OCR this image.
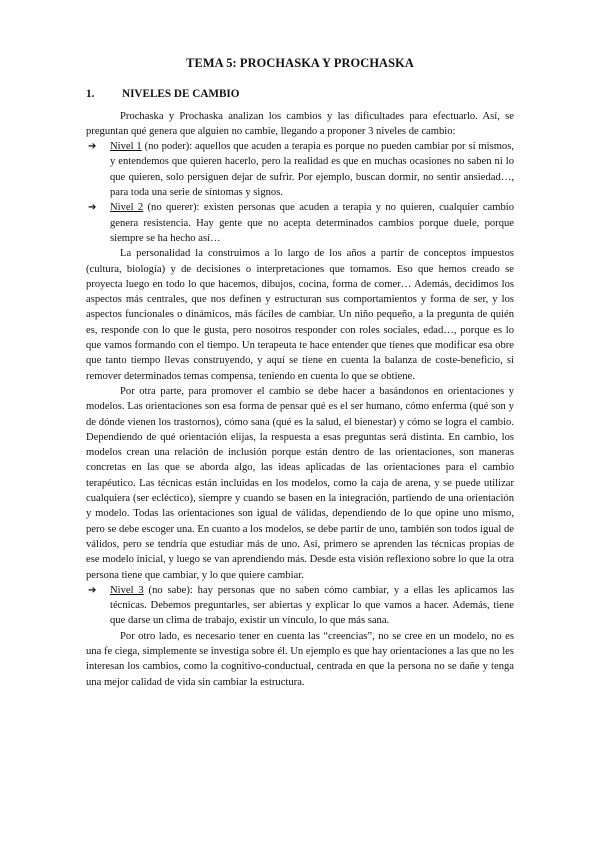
TEMA 5: PROCHASKA Y PROCHASKA
1.	NIVELES DE CAMBIO

Prochaska y Prochaska analizan los cambios y las dificultades para efectuarlo. Así, se preguntan qué genera que alguien no cambie, llegando a proponer 3 niveles de cambio:

➔	Nivel 1 (no poder): aquellos que acuden a terapia es porque no pueden cambiar por sí mismos, y entendemos que quieren hacerlo, pero la realidad es que en muchas ocasiones no saben ni lo que quieren, solo persiguen dejar de sufrir. Por ejemplo, buscan dormir, no sentir ansiedad…, para toda una serie de síntomas y signos.
➔	Nivel 2 (no querer): existen personas que acuden a terapia y no quieren, cualquier cambio genera resistencia. Hay gente que no acepta determinados cambios porque duele, porque siempre se ha hecho así…

La personalidad la construimos a lo largo de los años a partir de conceptos impuestos (cultura, biología) y de decisiones o interpretaciones que tomamos. Eso que hemos creado se proyecta luego en todo lo que hacemos, dibujos, cocina, forma de comer… Además, decidimos los aspectos más centrales, que nos definen y estructuran sus comportamientos y forma de ser, y los aspectos funcionales o dinámicos, más fáciles de cambiar. Un niño pequeño, a la pregunta de quién es, responde con lo que le gusta, pero nosotros responder con roles sociales, edad…, porque es lo que vamos formando con el tiempo. Un terapeuta te hace entender que tienes que modificar esa obre que tanto tiempo llevas construyendo, y aquí se tiene en cuenta la balanza de coste-beneficio, si remover determinados temas compensa, teniendo en cuenta lo que se obtiene.

Por otra parte, para promover el cambio se debe hacer a basándonos en orientaciones y modelos. Las orientaciones son esa forma de pensar qué es el ser humano, cómo enferma (qué son y de dónde vienen los trastornos), cómo sana (qué es la salud, el bienestar) y cómo se logra el cambio. Dependiendo de qué orientación elijas, la respuesta a esas preguntas será distinta. En cambio, los modelos crean una relación de inclusión porque están dentro de las orientaciones, son maneras concretas en las que se aborda algo, las ideas aplicadas de las orientaciones para el cambio terapéutico. Las técnicas están incluidas en los modelos, como la caja de arena, y se puede utilizar cualquiera (ser ecléctico), siempre y cuando se basen en la integración, partiendo de una orientación y modelo. Todas las orientaciones son igual de válidas, dependiendo de lo que opine uno mismo, pero se debe escoger una. En cuanto a los modelos, se debe partir de uno, también son todos igual de válidos, pero se tendría que estudiar más de uno. Así, primero se aprenden las técnicas propias de ese modelo inicial, y luego se van aprendiendo más. Desde esta visión reflexiono sobre lo que la otra persona tiene que cambiar, y lo que quiere cambiar.

➔	Nivel 3 (no sabe): hay personas que no saben cómo cambiar, y a ellas les aplicamos las técnicas. Debemos preguntarles, ser abiertas y explicar lo que vamos a hacer. Además, tiene que darse un clima de trabajo, existir un vínculo, lo que más sana.

Por otro lado, es necesario tener en cuenta las “creencias”, no se cree en un modelo, no es una fe ciega, simplemente se investiga sobre él. Un ejemplo es que hay orientaciones a las que no les interesan los cambios, como la cognitivo-conductual, centrada en que la persona no se dañe y tenga una mejor calidad de vida sin cambiar la estructura.
